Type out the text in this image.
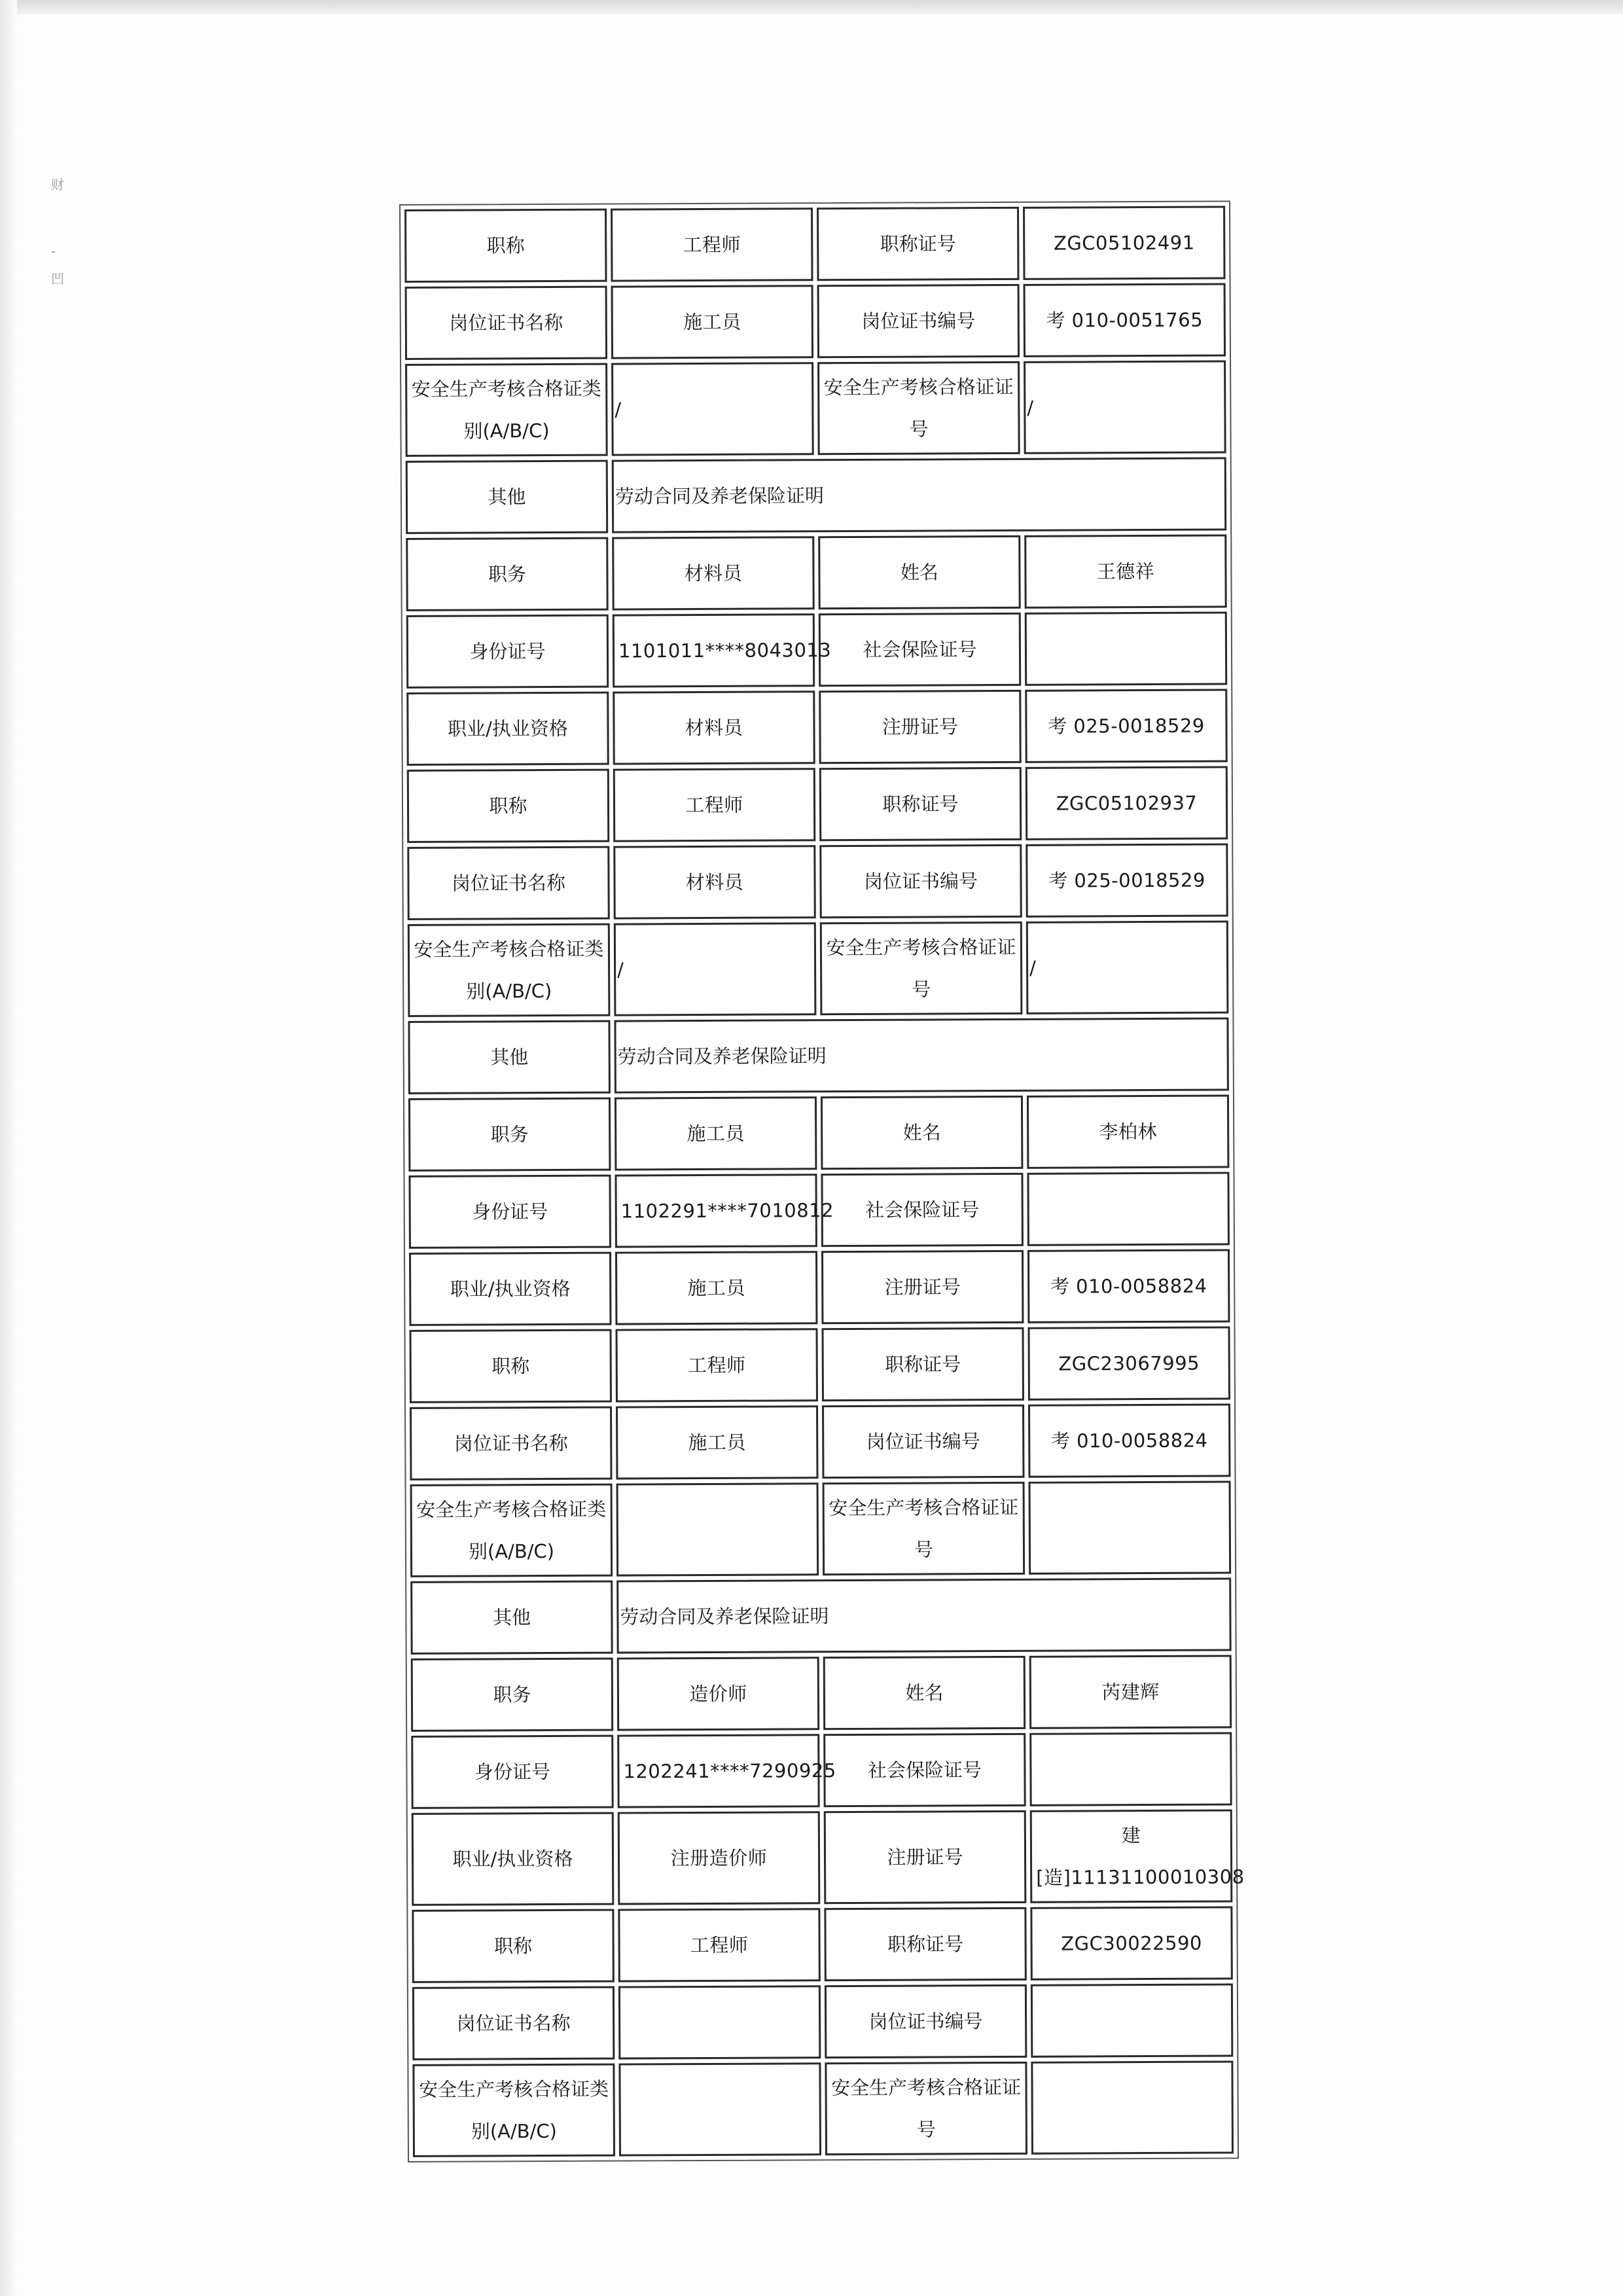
财
-
凹
职称	工程师	职称证号	ZGC05102491
岗位证书名称	施工员	岗位证书编号	考 010-0051765
安全生产考核合格证类别(A/B/C)	/	安全生产考核合格证证号	/
其他	劳动合同及养老保险证明		
职务	材料员	姓名	王德祥
身份证号	1101011****8043013	社会保险证号	
职业/执业资格	材料员	注册证号	考 025-0018529
职称	工程师	职称证号	ZGC05102937
岗位证书名称	材料员	岗位证书编号	考 025-0018529
安全生产考核合格证类别(A/B/C)	/	安全生产考核合格证证号	/
其他	劳动合同及养老保险证明		
职务	施工员	姓名	李柏林
身份证号	1102291****7010812	社会保险证号	
职业/执业资格	施工员	注册证号	考 010-0058824
职称	工程师	职称证号	ZGC23067995
岗位证书名称	施工员	岗位证书编号	考 010-0058824
安全生产考核合格证类别(A/B/C)		安全生产考核合格证证号	
其他	劳动合同及养老保险证明		
职务	造价师	姓名	芮建辉
身份证号	1202241****7290925	社会保险证号	
职业/执业资格	注册造价师	注册证号	建[造]11131100010308
职称	工程师	职称证号	ZGC30022590
岗位证书名称		岗位证书编号	
安全生产考核合格证类别(A/B/C)		安全生产考核合格证证号	
